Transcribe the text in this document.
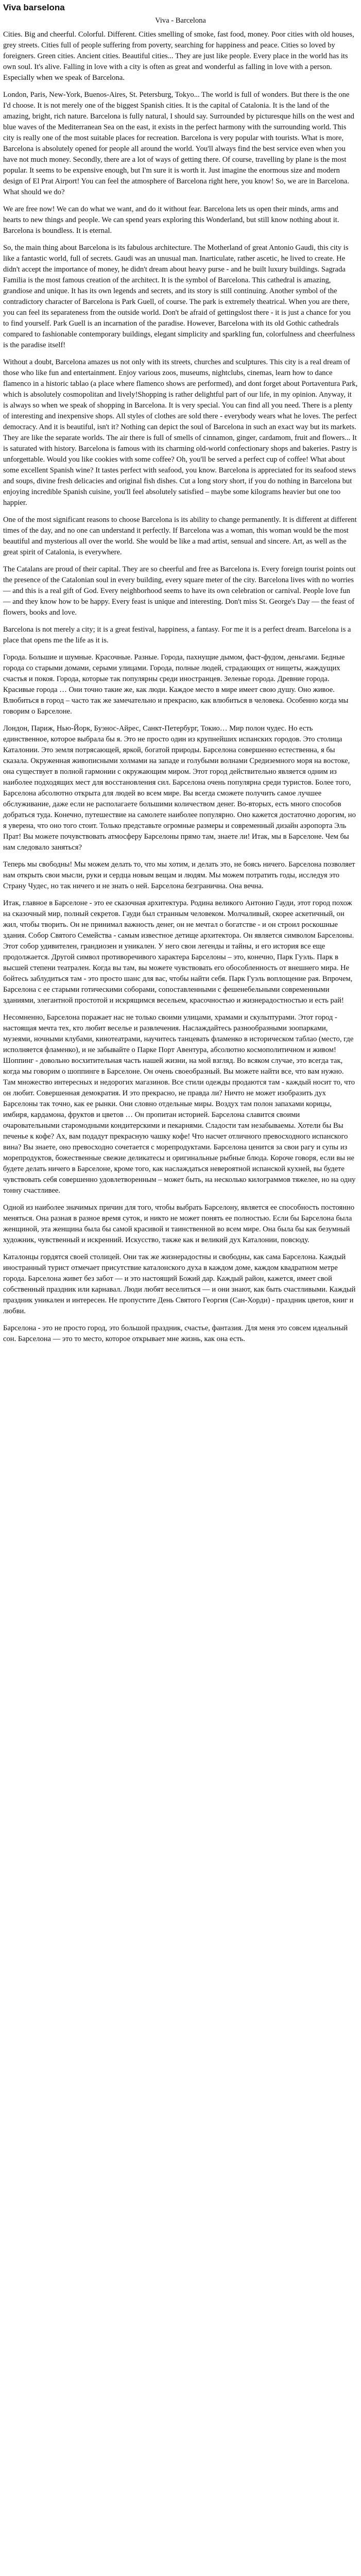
Viva barselona
Viva - Barcelona

Cities. Big and cheerful. Colorful. Different. Cities smelling of smoke, fast food, money. Poor cities with old houses, grey streets. Cities full of people suffering from poverty, searching for happiness and peace. Cities so loved by foreigners. Green cities. Ancient cities. Beautiful cities... They are just like people. Every place in the world has its own soul. It's alive. Falling in love with a city is often as great and wonderful as falling in love with a person. Especially when we speak of Barcelona.

London, Paris, New-York, Buenos-Aires, St. Petersburg, Tokyo... The world is full of wonders. But there is the one I'd choose. It is not merely one of the biggest Spanish cities. It is the capital of Catalonia. It is the land of the amazing, bright, rich nature. Barcelona is fully natural, I should say. Surrounded by picturesque hills on the west and blue waves of the Mediterranean Sea on the east, it exists in the perfect harmony with the surrounding world. This city is really one of the most suitable places for recreation. Barcelona is very popular with tourists. What is more, Barcelona is absolutely opened for people all around the world. You'll always find the best service even when you have not much money. Secondly, there are a lot of ways of getting there. Of course, travelling by plane is the most popular. It seems to be expensive enough, but I'm sure it is worth it. Just imagine the enormous size and modern design of El Prat Airport! You can feel the atmosphere of Barcelona right here, you know! So, we are in Barcelona. What should we do?

We are free now! We can do what we want, and do it without fear. Barcelona lets us open their minds, arms and hearts to new things and people. We can spend years exploring this Wonderland, but still know nothing about it. Barcelona is boundless. It is eternal.

So, the main thing about Barcelona is its fabulous architecture. The Motherland of great Antonio Gaudi, this city is like a fantastic world, full of secrets. Gaudi was an unusual man. Inarticulate, rather ascetic, he lived to create. He didn't accept the importance of money, he didn't dream about heavy purse - and he built luxury buildings. Sagrada Familia is the most famous creation of the architect. It is the symbol of Barcelona. This cathedral is amazing, grandiose and unique. It has its own legends and secrets, and its story is still continuing. Another symbol of the contradictory character of Barcelona is Park Guell, of course. The park is extremely theatrical. When you are there, you can feel its separateness from the outside world. Don't be afraid of gettingslost there - it is just a chance for you to find yourself. Park Guell is an incarnation of the paradise. However, Barcelona with its old Gothic cathedrals compared to fashionable contemporary buildings, elegant simplicity and sparkling fun, colorfulness and cheerfulness is the paradise itself!

Without a doubt, Barcelona amazes us not only with its streets, churches and sculptures. This city is a real dream of those who like fun and entertainment. Enjoy various zoos, museums, nightclubs, cinemas, learn how to dance flamenco in a historic tablao (a place where flamenco shows are performed), and dont forget about Portaventura Park, which is absolutely cosmopolitan and lively!Shopping is rather delightful part of our life, in my opinion. Anyway, it is always so when we speak of shopping in Barcelona. It is very special. You can find all you need. There is a plenty of interesting and inexpensive shops. All styles of clothes are sold there - everybody wears what he loves. The perfect democracy. And it is beautiful, isn't it? Nothing can depict the soul of Barcelona in such an exact way but its markets. They are like the separate worlds. The air there is full of smells of cinnamon, ginger, cardamom, fruit and flowers... It is saturated with history. Barcelona is famous with its charming old-world confectionary shops and bakeries. Pastry is unforgettable. Would you like cookies with some coffee? Oh, you'll be served a perfect cup of coffee! What about some excellent Spanish wine? It tastes perfect with seafood, you know. Barcelona is appreciated for its seafood stews and soups, divine fresh delicacies and original fish dishes. Cut a long story short, if you do nothing in Barcelona but enjoying incredible Spanish cuisine, you'll feel absolutely satisfied – maybe some kilograms heavier but one too happier.

One of the most significant reasons to choose Barcelona is its ability to change permanently. It is different at different times of the day, and no one can understand it perfectly. If Barcelona was a woman, this woman would be the most beautiful and mysterious all over the world. She would be like a mad artist, sensual and sincere. Art, as well as the great spirit of Catalonia, is everywhere.

The Catalans are proud of their capital. They are so cheerful and free as Barcelona is. Every foreign tourist points out the presence of the Catalonian soul in every building, every square meter of the city. Barcelona lives with no worries — and this is a real gift of God. Every neighborhood seems to have its own celebration or carnival. People love fun — and they know how to be happy. Every feast is unique and interesting. Don't miss St. George's Day — the feast of flowers, books and love.

Barcelona is not merely a city; it is a great festival, happiness, a fantasy. For me it is a perfect dream. Barcelona is a place that opens me the life as it is.

Города. Большие и шумные. Красочные. Разные. Города, пахнущие дымом, фаст-фудом, деньгами. Бедные города со старыми домами, серыми улицами. Города, полные людей, страдающих от нищеты, жаждущих счастья и покоя. Города, которые так популярны среди иностранцев. Зеленые города. Древние города. Красивые города … Они точно такие же, как люди. Каждое место в мире имеет свою душу. Оно живое. Влюбиться в город – часто так же замечательно и прекрасно, как влюбиться в человека. Особенно когда мы говорим о Барселоне.

Лондон, Париж, Нью-Йорк, Буэнос-Айрес, Санкт-Петербург, Токио… Мир полон чудес. Но есть единственное, которое выбрала бы я. Это не просто один из крупнейших испанских городов. Это столица Каталонии. Это земля потрясающей, яркой, богатой природы. Барселона совершенно естественна, я бы сказала. Окруженная живописными холмами на западе и голубыми волнами Средиземного моря на востоке, она существует в полной гармонии с окружающим миром. Этот город действительно является одним из наиболее подходящих мест для восстановления сил. Барселона очень популярна среди туристов. Более того, Барселона абсолютно открыта для людей во всем мире. Вы всегда сможете получить самое лучшее обслуживание, даже если не располагаете большими количеством денег. Во-вторых, есть много способов добраться туда. Конечно, путешествие на самолете наиболее популярно. Оно кажется достаточно дорогим, но я уверена, что оно того стоит. Только представьте огромные размеры и современный дизайн аэропорта Эль Прат! Вы можете почувствовать атмосферу Барселоны прямо там, знаете ли! Итак, мы в Барселоне. Чем бы нам следовало заняться?

Теперь мы свободны! Мы можем делать то, что мы хотим, и делать это, не боясь ничего. Барселона позволяет нам открыть свои мысли, руки и сердца новым вещам и людям. Мы можем потратить годы, исследуя это Страну Чудес, но так ничего и не знать о ней. Барселона безгранична. Она вечна.

Итак, главное в Барселоне - это ее сказочная архитектура. Родина великого Антонио Гауди, этот город похож на сказочный мир, полный секретов. Гауди был странным человеком. Молчаливый, скорее аскетичный, он жил, чтобы творить. Он не принимал важность денег, он не мечтал о богатстве - и он строил роскошные здания. Собор Святого Семейства - самым известное детище архитектора. Он является символом Барселоны. Этот собор удивителен, грандиозен и уникален. У него свои легенды и тайны, и его история все еще продолжается. Другой символ противоречивого характера Барселоны – это, конечно, Парк Гуэль. Парк в высшей степени театрален. Когда вы там, вы можете чувствовать его обособленность от внешнего мира. Не бойтесь заблудиться там - это просто шанс для вас, чтобы найти себя. Парк Гуэль воплощение рая. Впрочем, Барселона с ее старыми готическими соборами, сопоставленными с фешенебельными современными зданиями, элегантной простотой и искрящимся весельем, красочностью и жизнерадостностью и есть рай!

Несомненно, Барселона поражает нас не только своими улицами, храмами и скульптурами. Этот город - настоящая мечта тех, кто любит веселье и развлечения. Наслаждайтесь разнообразными зоопарками, музеями, ночными клубами, кинотеатрами, научитесь танцевать фламенко в историческом таблао (место, где исполняется фламенко), и не забывайте о Парке Порт Авентура, абсолютно космополитичном и живом! Шоппинг - довольно восхитительная часть нашей жизни, на мой взгляд. Во всяком случае, это всегда так, когда мы говорим о шоппинге в Барселоне. Он очень своеобразный. Вы можете найти все, что вам нужно. Там множество интересных и недорогих магазинов. Все стили одежды продаются там - каждый носит то, что он любит. Совершенная демократия. И это прекрасно, не правда ли? Ничто не может изобразить дух Барселоны так точно, как ее рынки. Они словно отдельные миры. Воздух там полон запахами корицы, имбиря, кардамона, фруктов и цветов … Он пропитан историей. Барселона славится своими очаровательными старомодными кондитерскими и пекарнями. Сладости там незабываемы. Хотели бы Вы печенье к кофе? Ах, вам подадут прекрасную чашку кофе! Что насчет отличного превосходного испанского вина? Вы знаете, оно превосходно сочетается с морепродуктами. Барселона ценится за свои рагу и супы из морепродуктов, божественные свежие деликатесы и оригинальные рыбные блюда. Короче говоря, если вы не будете делать ничего в Барселоне, кроме того, как наслаждаться невероятной испанской кухней, вы будете чувствовать себя совершенно удовлетворенным – может быть, на несколько килограммов тяжелее, но на одну тонну счастливее.

Одной из наиболее значимых причин для того, чтобы выбрать Барселону, является ее способность постоянно меняться. Она разная в разное время суток, и никто не может понять ее полностью. Если бы Барселона была женщиной, эта женщина была бы самой красивой и таинственной во всем мире. Она была бы как безумный художник, чувственный и искренний. Искусство, также как и великий дух Каталонии, повсюду.

Каталонцы гордятся своей столицей. Они так же жизнерадостны и свободны, как сама Барселона. Каждый иностранный турист отмечает присутствие каталонского духа в каждом доме, каждом квадратном метре города. Барселона живет без забот — и это настоящий Божий дар. Каждый район, кажется, имеет свой собственный праздник или карнавал. Люди любят веселиться — и они знают, как быть счастливыми. Каждый праздник уникален и интересен. Не пропустите День Святого Георгия (Сан-Хорди) - праздник цветов, книг и любви.

Барселона - это не просто город, это большой праздник, счастье, фантазия. Для меня это совсем идеальный сон. Барселона — это то место, которое открывает мне жизнь, как она есть.
